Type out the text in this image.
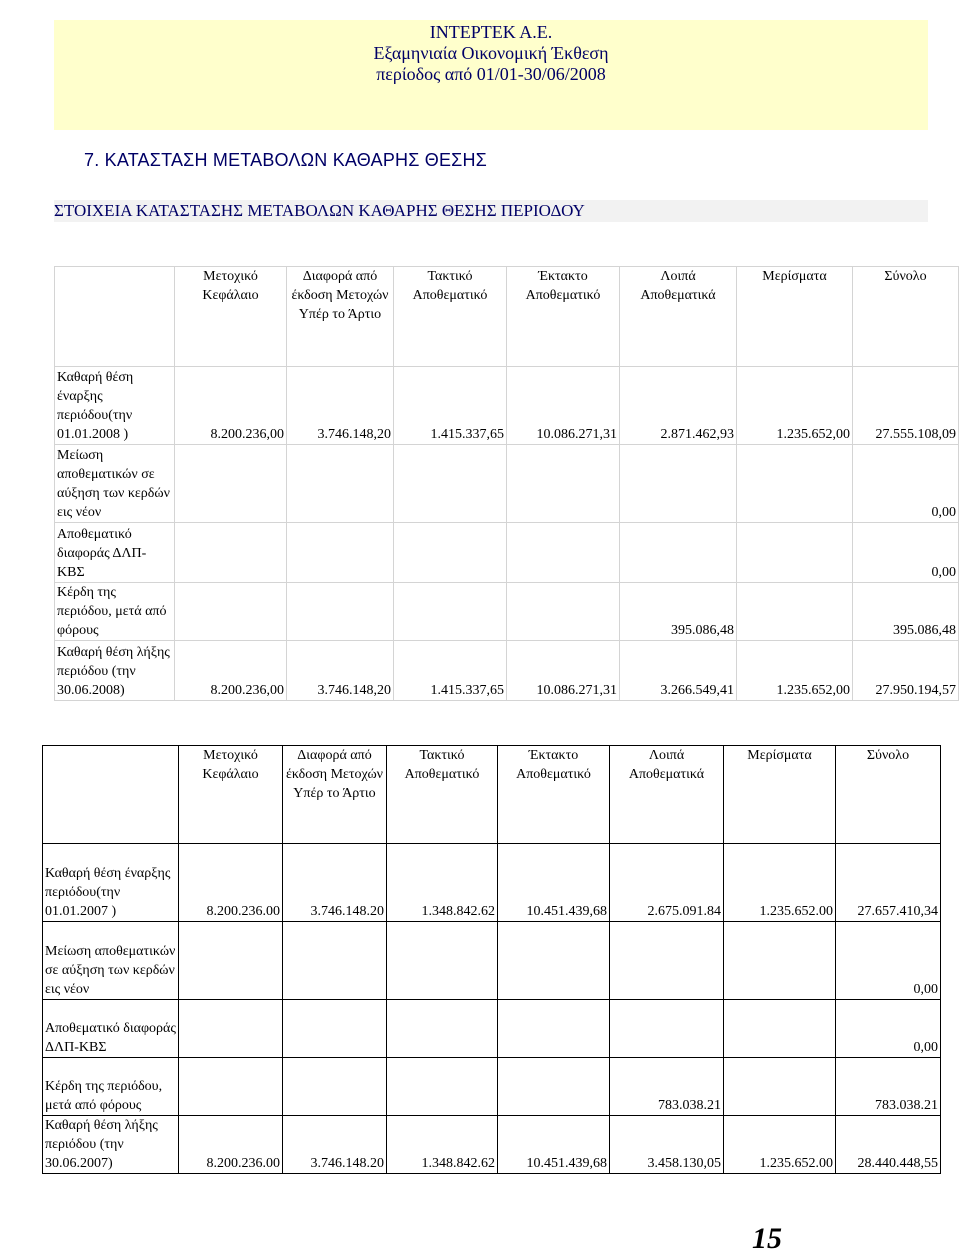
ΙΝΤΕΡΤΕΚ Α.Ε.
Εξαμηνιαία Οικονομική Έκθεση
περίοδος από 01/01-30/06/2008
7. ΚΑΤΑΣΤΑΣΗ ΜΕΤΑΒΟΛΩΝ ΚΑΘΑΡΗΣ ΘΕΣΗΣ
ΣΤΟΙΧΕΙΑ ΚΑΤΑΣΤΑΣΗΣ ΜΕΤΑΒΟΛΩΝ ΚΑΘΑΡΗΣ ΘΕΣΗΣ ΠΕΡΙΟΔΟΥ
	Μετοχικό Κεφάλαιο	Διαφορά από έκδοση Μετοχών Υπέρ το Άρτιο	Τακτικό Αποθεματικό	Έκτακτο Αποθεματικό	Λοιπά Αποθεματικά	Μερίσματα	Σύνολο
Καθαρή θέση έναρξης περιόδου(την 01.01.2008 )	8.200.236,00	3.746.148,20	1.415.337,65	10.086.271,31	2.871.462,93	1.235.652,00	27.555.108,09
Μείωση αποθεματικών σε αύξηση των κερδών εις νέον							0,00
Αποθεματικό διαφοράς ΔΛΠ-ΚΒΣ							0,00
Κέρδη της περιόδου, μετά από φόρους					395.086,48		395.086,48
Καθαρή θέση λήξης περιόδου (την 30.06.2008)	8.200.236,00	3.746.148,20	1.415.337,65	10.086.271,31	3.266.549,41	1.235.652,00	27.950.194,57
	Μετοχικό Κεφάλαιο	Διαφορά από έκδοση Μετοχών Υπέρ το Άρτιο	Τακτικό Αποθεματικό	Έκτακτο Αποθεματικό	Λοιπά Αποθεματικά	Μερίσματα	Σύνολο
Καθαρή θέση έναρξης περιόδου(την 01.01.2007 )	8.200.236.00	3.746.148.20	1.348.842.62	10.451.439,68	2.675.091.84	1.235.652.00	27.657.410,34
Μείωση αποθεματικών σε αύξηση των κερδών εις νέον							0,00
Αποθεματικό διαφοράς ΔΛΠ-ΚΒΣ							0,00
Κέρδη της περιόδου, μετά από φόρους					783.038.21		783.038.21
Καθαρή θέση λήξης περιόδου (την 30.06.2007)	8.200.236.00	3.746.148.20	1.348.842.62	10.451.439,68	3.458.130,05	1.235.652.00	28.440.448,55
15
